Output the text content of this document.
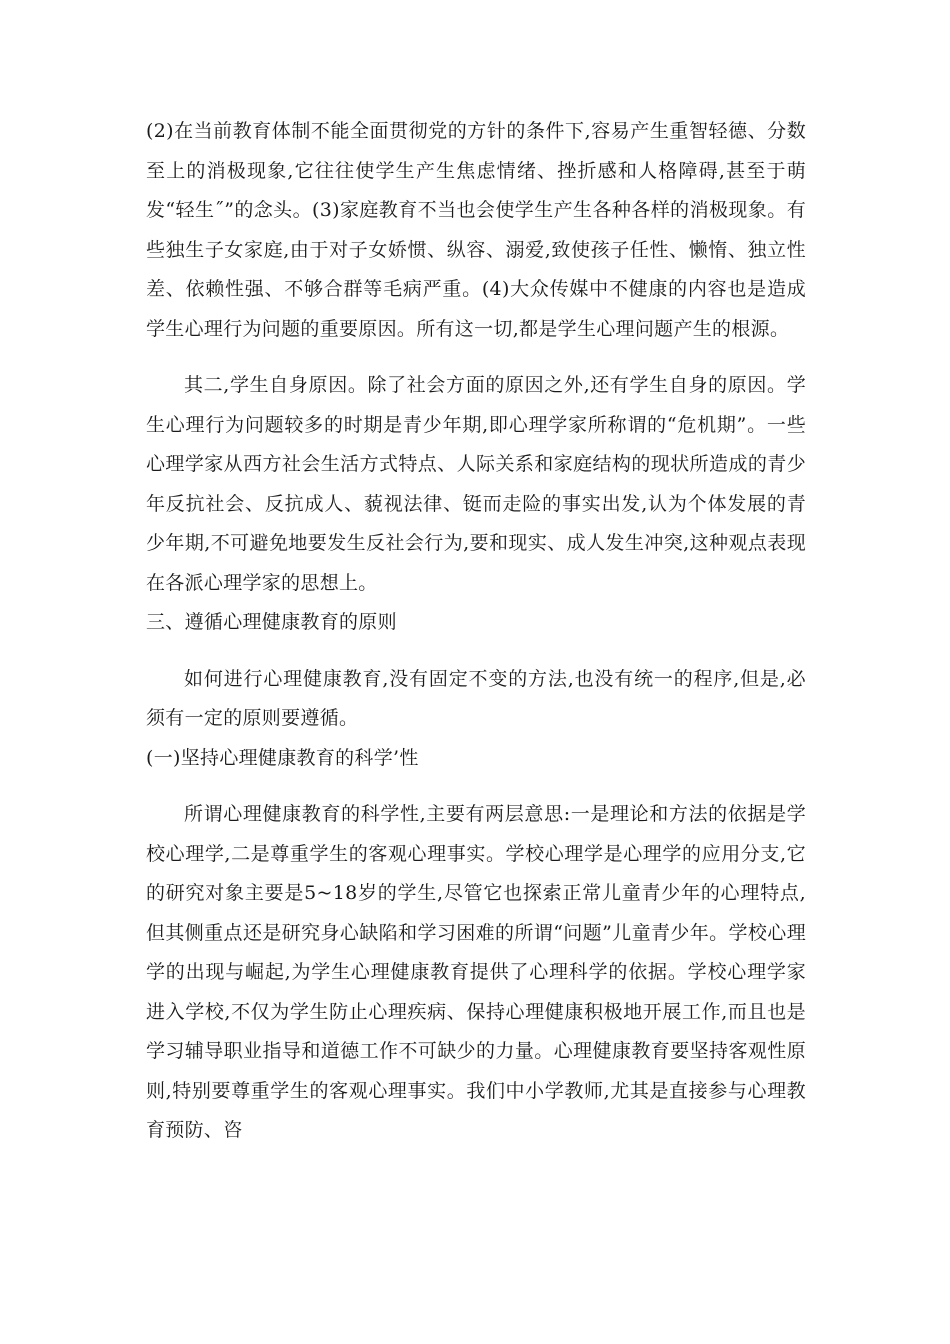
(2)在当前教育体制不能全面贯彻党的方针的条件下,容易产生重智轻德、分数至上的消极现象,它往往使学生产生焦虑情绪、挫折感和人格障碍,甚至于萌发“轻生˝”的念头。(3)家庭教育不当也会使学生产生各种各样的消极现象。有些独生子女家庭,由于对子女娇惯、纵容、溺爱,致使孩子任性、懒惰、独立性差、依赖性强、不够合群等毛病严重。(4)大众传媒中不健康的内容也是造成学生心理行为问题的重要原因。所有这一切,都是学生心理问题产生的根源。

其二,学生自身原因。除了社会方面的原因之外,还有学生自身的原因。学生心理行为问题较多的时期是青少年期,即心理学家所称谓的“危机期”。一些心理学家从西方社会生活方式特点、人际关系和家庭结构的现状所造成的青少年反抗社会、反抗成人、藐视法律、铤而走险的事实出发,认为个体发展的青少年期,不可避免地要发生反社会行为,要和现实、成人发生冲突,这种观点表现在各派心理学家的思想上。

三、遵循心理健康教育的原则

如何进行心理健康教育,没有固定不变的方法,也没有统一的程序,但是,必须有一定的原则要遵循。

(一)坚持心理健康教育的科学’性

所谓心理健康教育的科学性,主要有两层意思:一是理论和方法的依据是学校心理学,二是尊重学生的客观心理事实。学校心理学是心理学的应用分支,它的研究对象主要是5~18岁的学生,尽管它也探索正常儿童青少年的心理特点,但其侧重点还是研究身心缺陷和学习困难的所谓“问题”儿童青少年。学校心理学的出现与崛起,为学生心理健康教育提供了心理科学的依据。学校心理学家进入学校,不仅为学生防止心理疾病、保持心理健康积极地开展工作,而且也是学习辅导职业指导和道德工作不可缺少的力量。心理健康教育要坚持客观性原则,特别要尊重学生的客观心理事实。我们中小学教师,尤其是直接参与心理教育预防、咨
